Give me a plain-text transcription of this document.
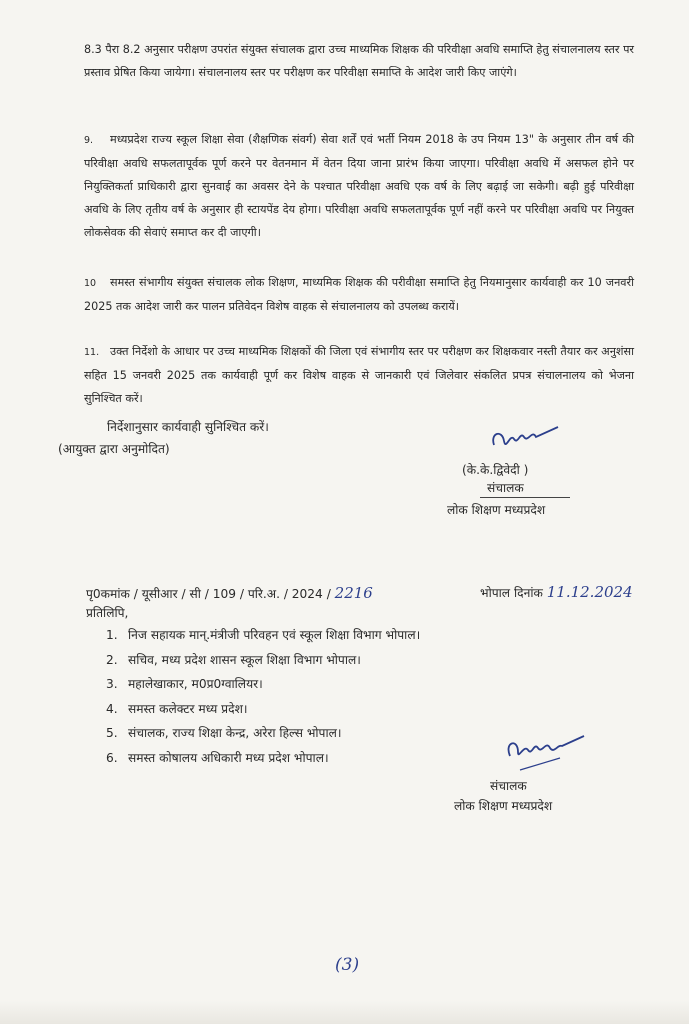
8.3 पैरा 8.2 अनुसार परीक्षण उपरांत संयुक्त संचालक द्वारा उच्च माध्यमिक शिक्षक की परिवीक्षा अवधि समाप्ति हेतु संचालनालय स्तर पर प्रस्ताव प्रेषित किया जायेगा। संचालनालय स्तर पर परीक्षण कर परिवीक्षा समाप्ति के आदेश जारी किए जाएंगे।
9. मध्यप्रदेश राज्य स्कूल शिक्षा सेवा (शैक्षणिक संवर्ग) सेवा शर्तें एवं भर्ती नियम 2018 के उप नियम 13" के अनुसार तीन वर्ष की परिवीक्षा अवधि सफलतापूर्वक पूर्ण करने पर वेतनमान में वेतन दिया जाना प्रारंभ किया जाएगा। परिवीक्षा अवधि में असफल होने पर नियुक्तिकर्ता प्राधिकारी द्वारा सुनवाई का अवसर देने के पश्चात परिवीक्षा अवधि एक वर्ष के लिए बढ़ाई जा सकेगी। बढ़ी हुई परिवीक्षा अवधि के लिए तृतीय वर्ष के अनुसार ही स्टायपेंड देय होगा। परिवीक्षा अवधि सफलतापूर्वक पूर्ण नहीं करने पर परिवीक्षा अवधि पर नियुक्त लोकसेवक की सेवाएं समाप्त कर दी जाएगी।
10 समस्त संभागीय संयुक्त संचालक लोक शिक्षण, माध्यमिक शिक्षक की परीवीक्षा समाप्ति हेतु नियमानुसार कार्यवाही कर 10 जनवरी 2025 तक आदेश जारी कर पालन प्रतिवेदन विशेष वाहक से संचालनालय को उपलब्ध करायें।
11. उक्त निर्देशो के आधार पर उच्च माध्यमिक शिक्षकों की जिला एवं संभागीय स्तर पर परीक्षण कर शिक्षकवार नस्ती तैयार कर अनुशंसा सहित 15 जनवरी 2025 तक कार्यवाही पूर्ण कर विशेष वाहक से जानकारी एवं जिलेवार संकलित प्रपत्र संचालनालय को भेजना सुनिश्चित करें।
निर्देशानुसार कार्यवाही सुनिश्चित करें।
(आयुक्त द्वारा अनुमोदित)
(के.के.द्विवेदी )
संचालक
लोक शिक्षण मध्यप्रदेश
पृ0कमांक / यूसीआर / सी / 109 / परि.अ. / 2024 / 2216	भोपाल दिनांक 11.12.2024
प्रतिलिपि,
1. निज सहायक मान्.मंत्रीजी परिवहन एवं स्कूल शिक्षा विभाग भोपाल।
2. सचिव, मध्य प्रदेश शासन स्कूल शिक्षा विभाग भोपाल।
3. महालेखाकार, म0प्र0ग्वालियर।
4. समस्त कलेक्टर मध्य प्रदेश।
5. संचालक, राज्य शिक्षा केन्द्र, अरेरा हिल्स भोपाल।
6. समस्त कोषालय अधिकारी मध्य प्रदेश भोपाल।
संचालक
लोक शिक्षण मध्यप्रदेश
(3)
